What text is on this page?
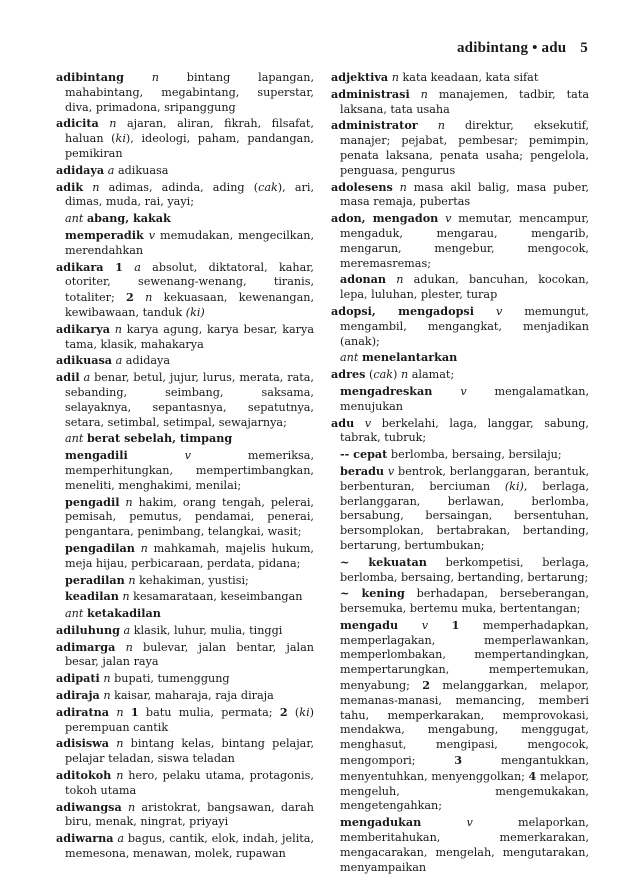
adibintang • adu 5
adibintang n bintang lapangan, mahabintang, megabintang, superstar, diva, primadona, sripanggung
adicita n ajaran, aliran, fikrah, filsafat, haluan (ki), ideologi, paham, pandangan, pemikiran
adidaya a adikuasa
adik n adimas, adinda, ading (cak), ari, dimas, muda, rai, yayi;
ant abang, kakak
memperadik v memudakan, mengecilkan, merendahkan
adikara 1 a absolut, diktatoral, kahar, otoriter, sewenang-wenang, tiranis, totaliter; 2 n kekuasaan, kewenangan, kewibawaan, tanduk (ki)
adikarya n karya agung, karya besar, karya tama, klasik, mahakarya
adikuasa a adidaya
adil a benar, betul, jujur, lurus, merata, rata, sebanding, seimbang, saksama, selayaknya, sepantasnya, sepatutnya, setara, setimbal, setimpal, sewajarnya;
ant berat sebelah, timpang
mengadili	v memeriksa, memperhitungkan, mempertimbangkan, meneliti, menghakimi, menilai;
pengadil n hakim, orang tengah, pelerai, pemisah, pemutus, pendamai, penerai, pengantara, penimbang, telangkai, wasit;
pengadilan n mahkamah, majelis hukum, meja hijau, perbicaraan, perdata, pidana;
peradilan n kehakiman, yustisi;
keadilan n kesamarataan, keseimbangan
ant ketakadilan
adiluhung a klasik, luhur, mulia, tinggi
adimarga n bulevar, jalan bentar, jalan besar, jalan raya
adipati n bupati, tumenggung
adiraja n kaisar, maharaja, raja diraja
adiratna n 1 batu mulia, permata; 2 (ki) perempuan cantik
adisiswa n bintang kelas, bintang pelajar, pelajar teladan, siswa teladan
aditokoh n hero, pelaku utama, protagonis, tokoh utama
adiwangsa n aristokrat, bangsawan, darah biru, menak, ningrat, priyayi
adiwarna a bagus, cantik, elok, indah, jelita, memesona, menawan, molek, rupawan
adjektiva n kata keadaan, kata sifat
administrasi n manajemen, tadbir, tata laksana, tata usaha
administrator n direktur, eksekutif, manajer; pejabat, pembesar; pemimpin, penata laksana, penata usaha; pengelola, penguasa, pengurus
adolesens n masa akil balig, masa puber, masa remaja, pubertas
adon, mengadon v memutar, mencampur, mengaduk, mengarau, mengarib, mengarun, mengebur, mengocok, meremasremas;
adonan n adukan, bancuhan, kocokan, lepa, luluhan, plester, turap
adopsi, mengadopsi v memungut, mengambil, mengangkat, menjadikan (anak);
ant menelantarkan
adres (cak) n alamat;
mengadreskan v mengalamatkan, menujukan
adu v berkelahi, laga, langgar, sabung, tabrak, tubruk;
-- cepat berlomba, bersaing, bersilaju;
beradu v bentrok, berlanggaran, berantuk, berbenturan, berciuman (ki), berlaga, berlanggaran, berlawan, berlomba, bersabung, bersaingan, bersentuhan, bersomplokan, bertabrakan, bertanding, bertarung, bertumbukan;
~ kekuatan berkompetisi, berlaga, berlomba, bersaing, bertanding, bertarung;
~ kening berhadapan, berseberangan, bersemuka, bertemu muka, bertentangan;
mengadu v 1 memperhadapkan, memperlagakan, memperlawankan, memperlombakan, mempertandingkan, mempertarungkan, mempertemukan, menyabung; 2 melanggarkan, melapor, memanas-manasi, memancing, memberi tahu, memperkarakan, memprovokasi, mendakwa, mengabung, menggugat, menghasut, mengipasi, mengocok, mengompori; 3 mengantukkan, menyentuhkan, menyenggolkan; 4 melapor, mengeluh, mengemukakan, mengetengahkan;
mengadukan	v melaporkan, memberitahukan, memerkarakan, mengacarakan, mengelah, mengutarakan, menyampaikan
